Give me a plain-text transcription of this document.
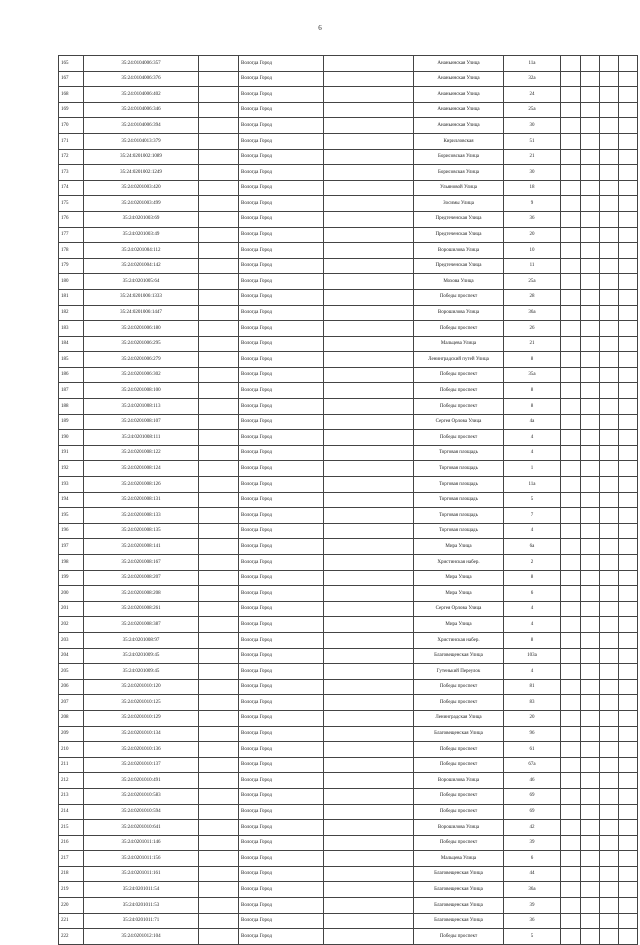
6
165	35:24:0104006:357		Вологда Город		Ананьинская Улица	11а				
167	35:24:0104006:376		Вологда Город		Ананьинская Улица	32а				
168	35:24:0104006:402		Вологда Город		Ананьинская Улица	24				
169	35:24:0104006:346		Вологда Город		Ананьинская Улица	25а				
170	35:24:0104006:394		Вологда Город		Ананьинская Улица	30				
171	35:24:0104013:379		Вологда Город		Кирилловская	51				
172	35:24:0201002:1089		Вологда Город		Борисовская Улица	21				
173	35:24:0201002:1249		Вологда Город		Борисовская Улица	30				
174	35:24:0201003:420		Вологда Город		Ульяновой Улица	18				
175	35:24:0201003:499		Вологда Город		Зосимы Улица	9				
176	35:24:0201003:69		Вологда Город		Предтеченская Улица	36				
177	35:24:0201003:49		Вологда Город		Предтеченская Улица	20				
178	35:24:0201004:112		Вологда Город		Ворошилова Улица	10				
179	35:24:0201004:142		Вологда Город		Предтеченская Улица	11				
180	35:24:0201005:64		Вологда Город		Мохова Улица	25а				
181	35:24:0201006:1333		Вологда Город		Победы проспект	28				
182	35:24:0201006:1447		Вологда Город		Ворошилова Улица	36а				
183	35:24:0201006:180		Вологда Город		Победы проспект	26				
184	35:24:0201006:295		Вологда Город		Мальцева Улица	21				
185	35:24:0201006:279		Вологда Город		Ленинградский путей Улица	8				
186	35:24:0201006:302		Вологда Город		Победы проспект	35а				
187	35:24:0201008:100		Вологда Город		Победы проспект	8				
188	35:24:0201008:113		Вологда Город		Победы проспект	8				
189	35:24:0201008:107		Вологда Город		Сергея Орлова Улица	4а				
190	35:24:0201008:111		Вологда Город		Победы проспект	4				
191	35:24:0201008:122		Вологда Город		Торговая площадь	4				
192	35:24:0201008:124		Вологда Город		Торговая площадь	1				
193	35:24:0201008:126		Вологда Город		Торговая площадь	11а				
194	35:24:0201008:131		Вологда Город		Торговая площадь	5				
195	35:24:0201008:133		Вологда Город		Торговая площадь	7				
196	35:24:0201008:135		Вологда Город		Торговая площадь	4				
197	35:24:0201008:141		Вологда Город		Мира Улица	6а				
198	35:24:0201008:167		Вологда Город		Христинская набер.	2				
199	35:24:0201008:207		Вологда Город		Мира Улица	8				
200	35:24:0201008:208		Вологда Город		Мира Улица	6				
201	35:24:0201008:261		Вологда Город		Сергея Орлова Улица	4				
202	35:24:0201008:387		Вологда Город		Мира Улица	4				
203	35:24:0201008:97		Вологда Город		Христинская набер.	8				
204	35:24:0201009:45		Вологда Город		Благовещенская Улица	103а				
205	35:24:0201009:45		Вологда Город		Гутенький Переулок	4				
206	35:24:0201010:120		Вологда Город		Победы проспект	81				
207	35:24:0201010:125		Вологда Город		Победы проспект	83				
208	35:24:0201010:129		Вологда Город		Ленинградская Улица	20				
209	35:24:0201010:134		Вологда Город		Благовещенская Улица	96				
210	35:24:0201010:136		Вологда Город		Победы проспект	61				
211	35:24:0201010:137		Вологда Город		Победы проспект	67а				
212	35:24:0201010:491		Вологда Город		Ворошилова Улица	46				
213	35:24:0201010:583		Вологда Город		Победы проспект	69				
214	35:24:0201010:594		Вологда Город		Победы проспект	69				
215	35:24:0201010:641		Вологда Город		Ворошилова Улица	42				
216	35:24:0201011:146		Вологда Город		Победы проспект	39				
217	35:24:0201011:156		Вологда Город		Мальцева Улица	6				
218	35:24:0201011:161		Вологда Город		Благовещенская Улица	44				
219	35:24:0201011:54		Вологда Город		Благовещенская Улица	36а				
220	35:24:0201011:53		Вологда Город		Благовещенская Улица	39				
221	35:24:0201011:71		Вологда Город		Благовещенская Улица	36				
222	35:24:0201012:104		Вологда Город		Победы проспект	5				
